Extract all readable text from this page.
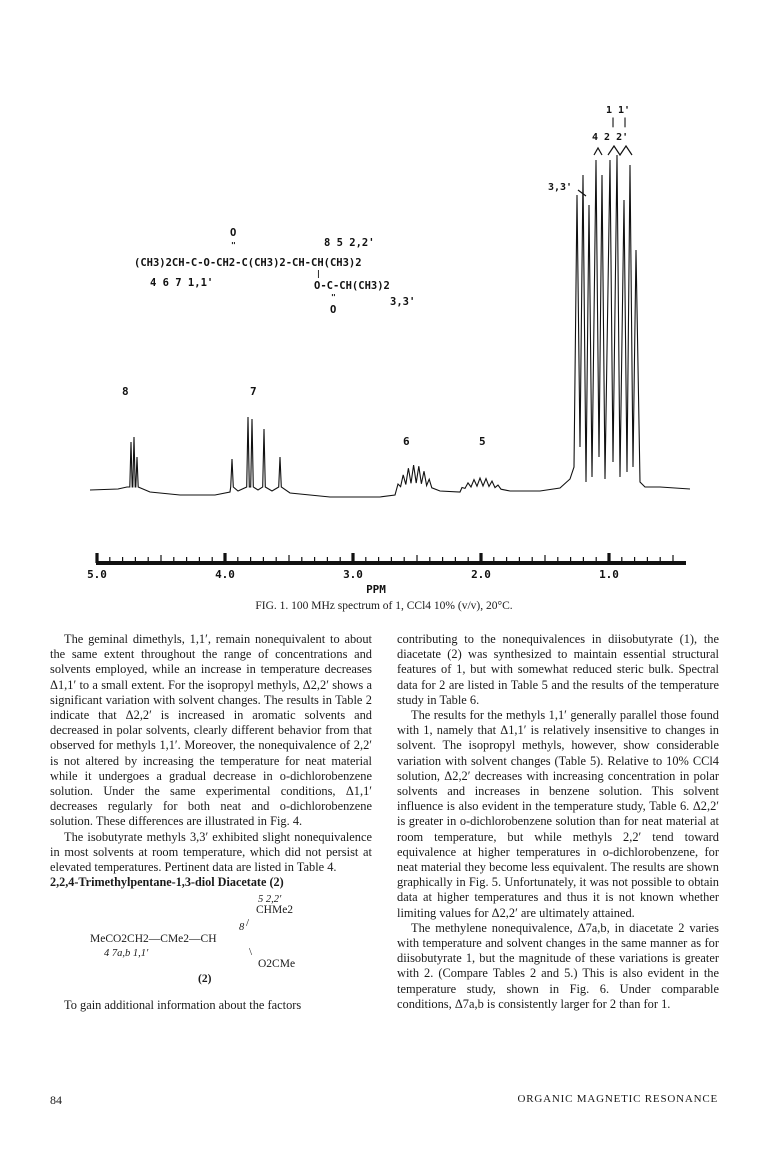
O
"	8 5 2,2'
(CH3)2CH-C-O-CH2-C(CH3)2-CH-CH(CH3)2
|
4 6 7 1,1'	O-C-CH(CH3)2
"	3,3'
O
8	7
6	5
1 1'
| |
4 2 2'
3,3'
5.0	4.0	3.0	2.0	1.0
PPM
FIG. 1. 100 MHz spectrum of 1, CCl4 10% (v/v), 20°C.

The geminal dimethyls, 1,1′, remain nonequivalent to about the same extent throughout the range of concentrations and solvents employed, while an increase in temperature decreases Δ1,1′ to a small extent. For the isopropyl methyls, Δ2,2′ shows a significant variation with solvent changes. The results in Table 2 indicate that Δ2,2′ is increased in aromatic solvents and decreased in polar solvents, clearly different behavior from that observed for methyls 1,1′. Moreover, the nonequivalence of 2,2′ is not altered by increasing the temperature for neat material while it undergoes a gradual decrease in o-dichlorobenzene solution. Under the same experimental conditions, Δ1,1′ decreases regularly for both neat and o-dichlorobenzene solution. These differences are illustrated in Fig. 4.

The isobutyrate methyls 3,3′ exhibited slight nonequivalence in most solvents at room temperature, which did not persist at elevated temperatures. Pertinent data are listed in Table 4.

2,2,4-Trimethylpentane-1,3-diol Diacetate (2)

5 2,2′
CHMe2
8 /
MeCO2CH2—CMe2—CH
4 7a,b 1,1′	\
O2CMe
(2)

To gain additional information about the factors

contributing to the nonequivalences in diisobutyrate (1), the diacetate (2) was synthesized to maintain essential structural features of 1, but with somewhat reduced steric bulk. Spectral data for 2 are listed in Table 5 and the results of the temperature study in Table 6.

The results for the methyls 1,1′ generally parallel those found with 1, namely that Δ1,1′ is relatively insensitive to changes in solvent. The isopropyl methyls, however, show considerable variation with solvent changes (Table 5). Relative to 10% CCl4 solution, Δ2,2′ decreases with increasing concentration in polar solvents and increases in benzene solution. This solvent influence is also evident in the temperature study, Table 6. Δ2,2′ is greater in o-dichlorobenzene solution than for neat material at room temperature, but while methyls 2,2′ tend toward equivalence at higher temperatures in o-dichlorobenzene, for neat material they become less equivalent. The results are shown graphically in Fig. 5. Unfortunately, it was not possible to obtain data at higher temperatures and thus it is not known whether limiting values for Δ2,2′ are ultimately attained.

The methylene nonequivalence, Δ7a,b, in diacetate 2 varies with temperature and solvent changes in the same manner as for diisobutyrate 1, but the magnitude of these variations is greater with 2. (Compare Tables 2 and 5.) This is also evident in the temperature study, shown in Fig. 6. Under comparable conditions, Δ7a,b is consistently larger for 2 than for 1.

84	ORGANIC MAGNETIC RESONANCE
